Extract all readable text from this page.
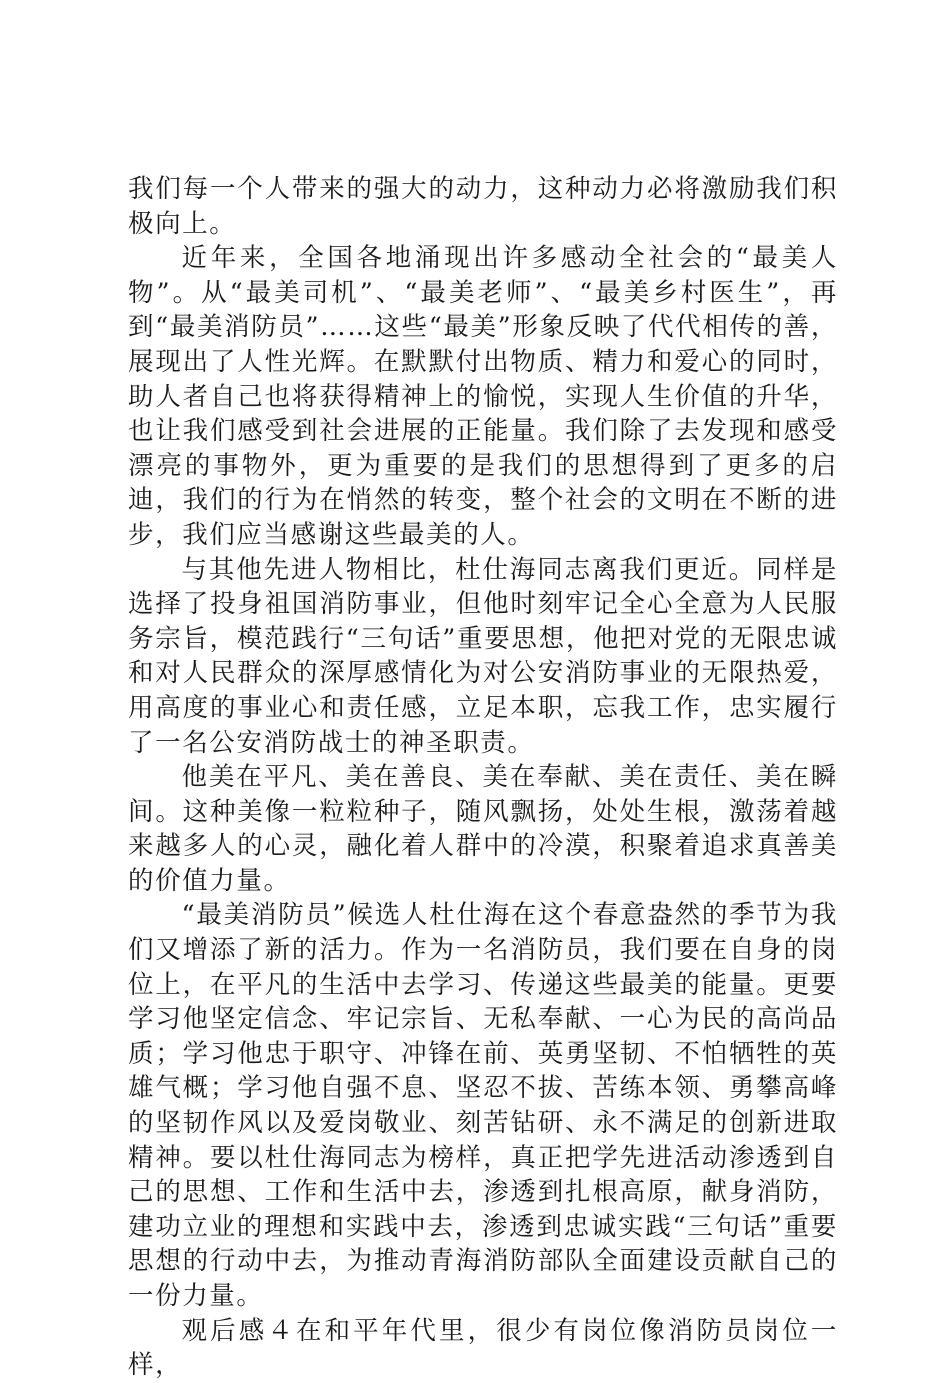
我们每一个人带来的强大的动力，这种动力必将激励我们积极向上。

近年来，全国各地涌现出许多感动全社会的“最美人物”。从“最美司机”、“最美老师”、“最美乡村医生”，再到“最美消防员”……这些“最美”形象反映了代代相传的善，展现出了人性光辉。在默默付出物质、精力和爱心的同时，助人者自己也将获得精神上的愉悦，实现人生价值的升华，也让我们感受到社会进展的正能量。我们除了去发现和感受漂亮的事物外，更为重要的是我们的思想得到了更多的启迪，我们的行为在悄然的转变，整个社会的文明在不断的进步，我们应当感谢这些最美的人。

与其他先进人物相比，杜仕海同志离我们更近。同样是选择了投身祖国消防事业，但他时刻牢记全心全意为人民服务宗旨，模范践行“三句话”重要思想，他把对党的无限忠诚和对人民群众的深厚感情化为对公安消防事业的无限热爱，用高度的事业心和责任感，立足本职，忘我工作，忠实履行了一名公安消防战士的神圣职责。

他美在平凡、美在善良、美在奉献、美在责任、美在瞬间。这种美像一粒粒种子，随风飘扬，处处生根，激荡着越来越多人的心灵，融化着人群中的冷漠，积聚着追求真善美的价值力量。

“最美消防员”候选人杜仕海在这个春意盎然的季节为我们又增添了新的活力。作为一名消防员，我们要在自身的岗位上，在平凡的生活中去学习、传递这些最美的能量。更要学习他坚定信念、牢记宗旨、无私奉献、一心为民的高尚品质；学习他忠于职守、冲锋在前、英勇坚韧、不怕牺牲的英雄气概；学习他自强不息、坚忍不拔、苦练本领、勇攀高峰的坚韧作风以及爱岗敬业、刻苦钻研、永不满足的创新进取精神。要以杜仕海同志为榜样，真正把学先进活动渗透到自己的思想、工作和生活中去，渗透到扎根高原，献身消防，建功立业的理想和实践中去，渗透到忠诚实践“三句话”重要思想的行动中去，为推动青海消防部队全面建设贡献自己的一份力量。

观后感４在和平年代里，很少有岗位像消防员岗位一样，
